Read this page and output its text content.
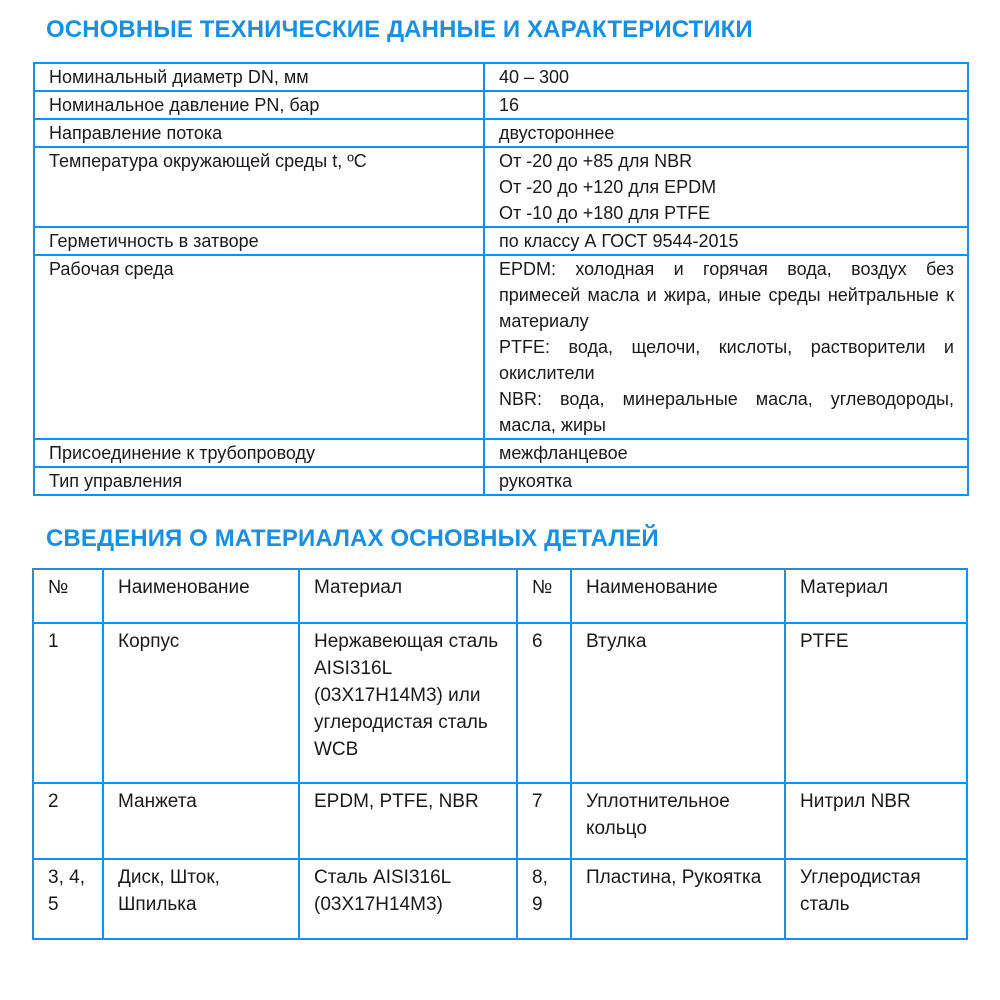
ОСНОВНЫЕ ТЕХНИЧЕСКИЕ ДАННЫЕ И ХАРАКТЕРИСТИКИ
Номинальный диаметр DN, мм	40 – 300
Номинальное давление PN, бар	16
Направление потока	двустороннее
Температура окружающей среды t, ºC	От -20 до +85 для NBR
От -20 до +120 для EPDM
От -10 до +180 для PTFE
Герметичность в затворе	по классу А ГОСТ 9544-2015
Рабочая среда	EPDM: холодная и горячая вода, воздух без примесей масла и жира, иные среды нейтральные к материалу
PTFE: вода, щелочи, кислоты, растворители и окислители
NBR: вода, минеральные масла, углеводороды, масла, жиры
Присоединение к трубопроводу	межфланцевое
Тип управления	рукоятка
СВЕДЕНИЯ О МАТЕРИАЛАХ ОСНОВНЫХ ДЕТАЛЕЙ
№	Наименование	Материал	№	Наименование	Материал
1	Корпус	Нержавеющая сталь AISI316L (03Х17Н14М3) или углеродистая сталь WCB	6	Втулка	PTFE
2	Манжета	EPDM, PTFE, NBR	7	Уплотнительное кольцо	Нитрил NBR
3, 4, 5	Диск, Шток, Шпилька	Сталь AISI316L (03Х17Н14М3)	8, 9	Пластина, Рукоятка	Углеродистая сталь
